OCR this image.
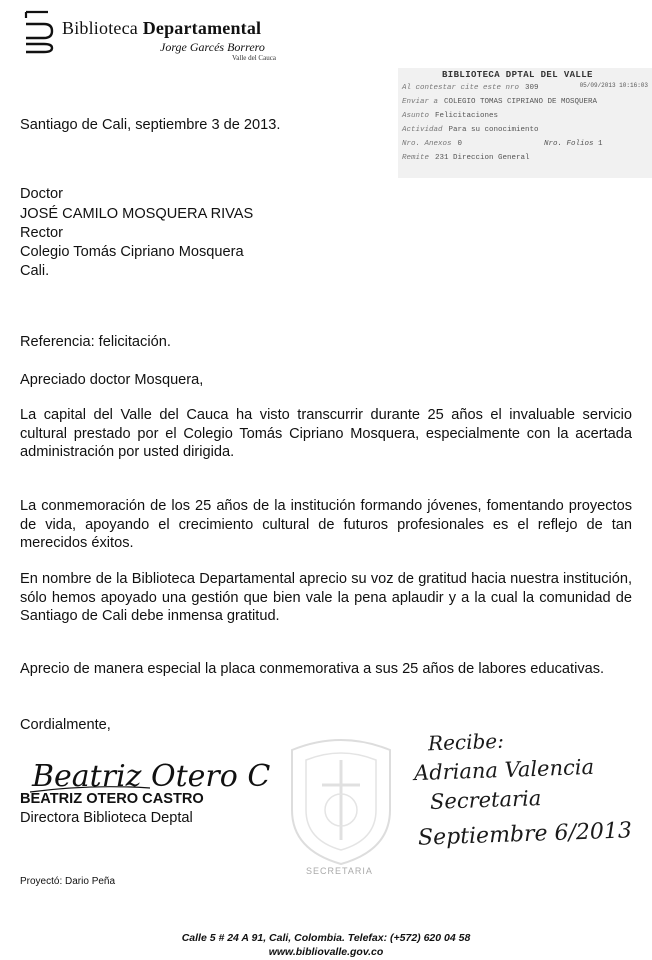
Biblioteca Departamental
Jorge Garcés Borrero
Valle del Cauca
BIBLIOTECA DPTAL DEL VALLE
05/09/2013 10:16:03
Al contestar cite este nro 309
Enviar a COLEGIO TOMAS CIPRIANO DE MOSQUERA
Asunto Felicitaciones
Actividad Para su conocimiento
Nro. Anexos 0	Nro. Folios 1
Remite 231 Direccion General
Santiago de Cali, septiembre 3 de 2013.
Doctor
JOSÉ CAMILO MOSQUERA RIVAS
Rector
Colegio Tomás Cipriano Mosquera
Cali.
Referencia: felicitación.
Apreciado doctor Mosquera,
La capital del Valle del Cauca ha visto transcurrir durante 25 años el invaluable servicio cultural prestado por el Colegio Tomás Cipriano Mosquera, especialmente con la acertada administración por usted dirigida.
La conmemoración de los 25 años de la institución formando jóvenes, fomentando proyectos de vida, apoyando el crecimiento cultural de futuros profesionales es el reflejo de tan merecidos éxitos.
En nombre de la Biblioteca Departamental aprecio su voz de gratitud hacia nuestra institución, sólo hemos apoyado una gestión que bien vale la pena aplaudir y a la cual la comunidad de Santiago de Cali debe inmensa gratitud.
Aprecio de manera especial la placa conmemorativa a sus 25 años de labores educativas.
Cordialmente,
Beatriz Otero C
BEATRIZ OTERO CASTRO
Directora Biblioteca Deptal
Proyectó: Dario Peña
SECRETARIA
Recibe:
Adriana Valencia
Secretaria
Septiembre 6/2013
Calle 5 # 24 A 91, Cali, Colombia. Telefax: (+572) 620 04 58
www.bibliovalle.gov.co
